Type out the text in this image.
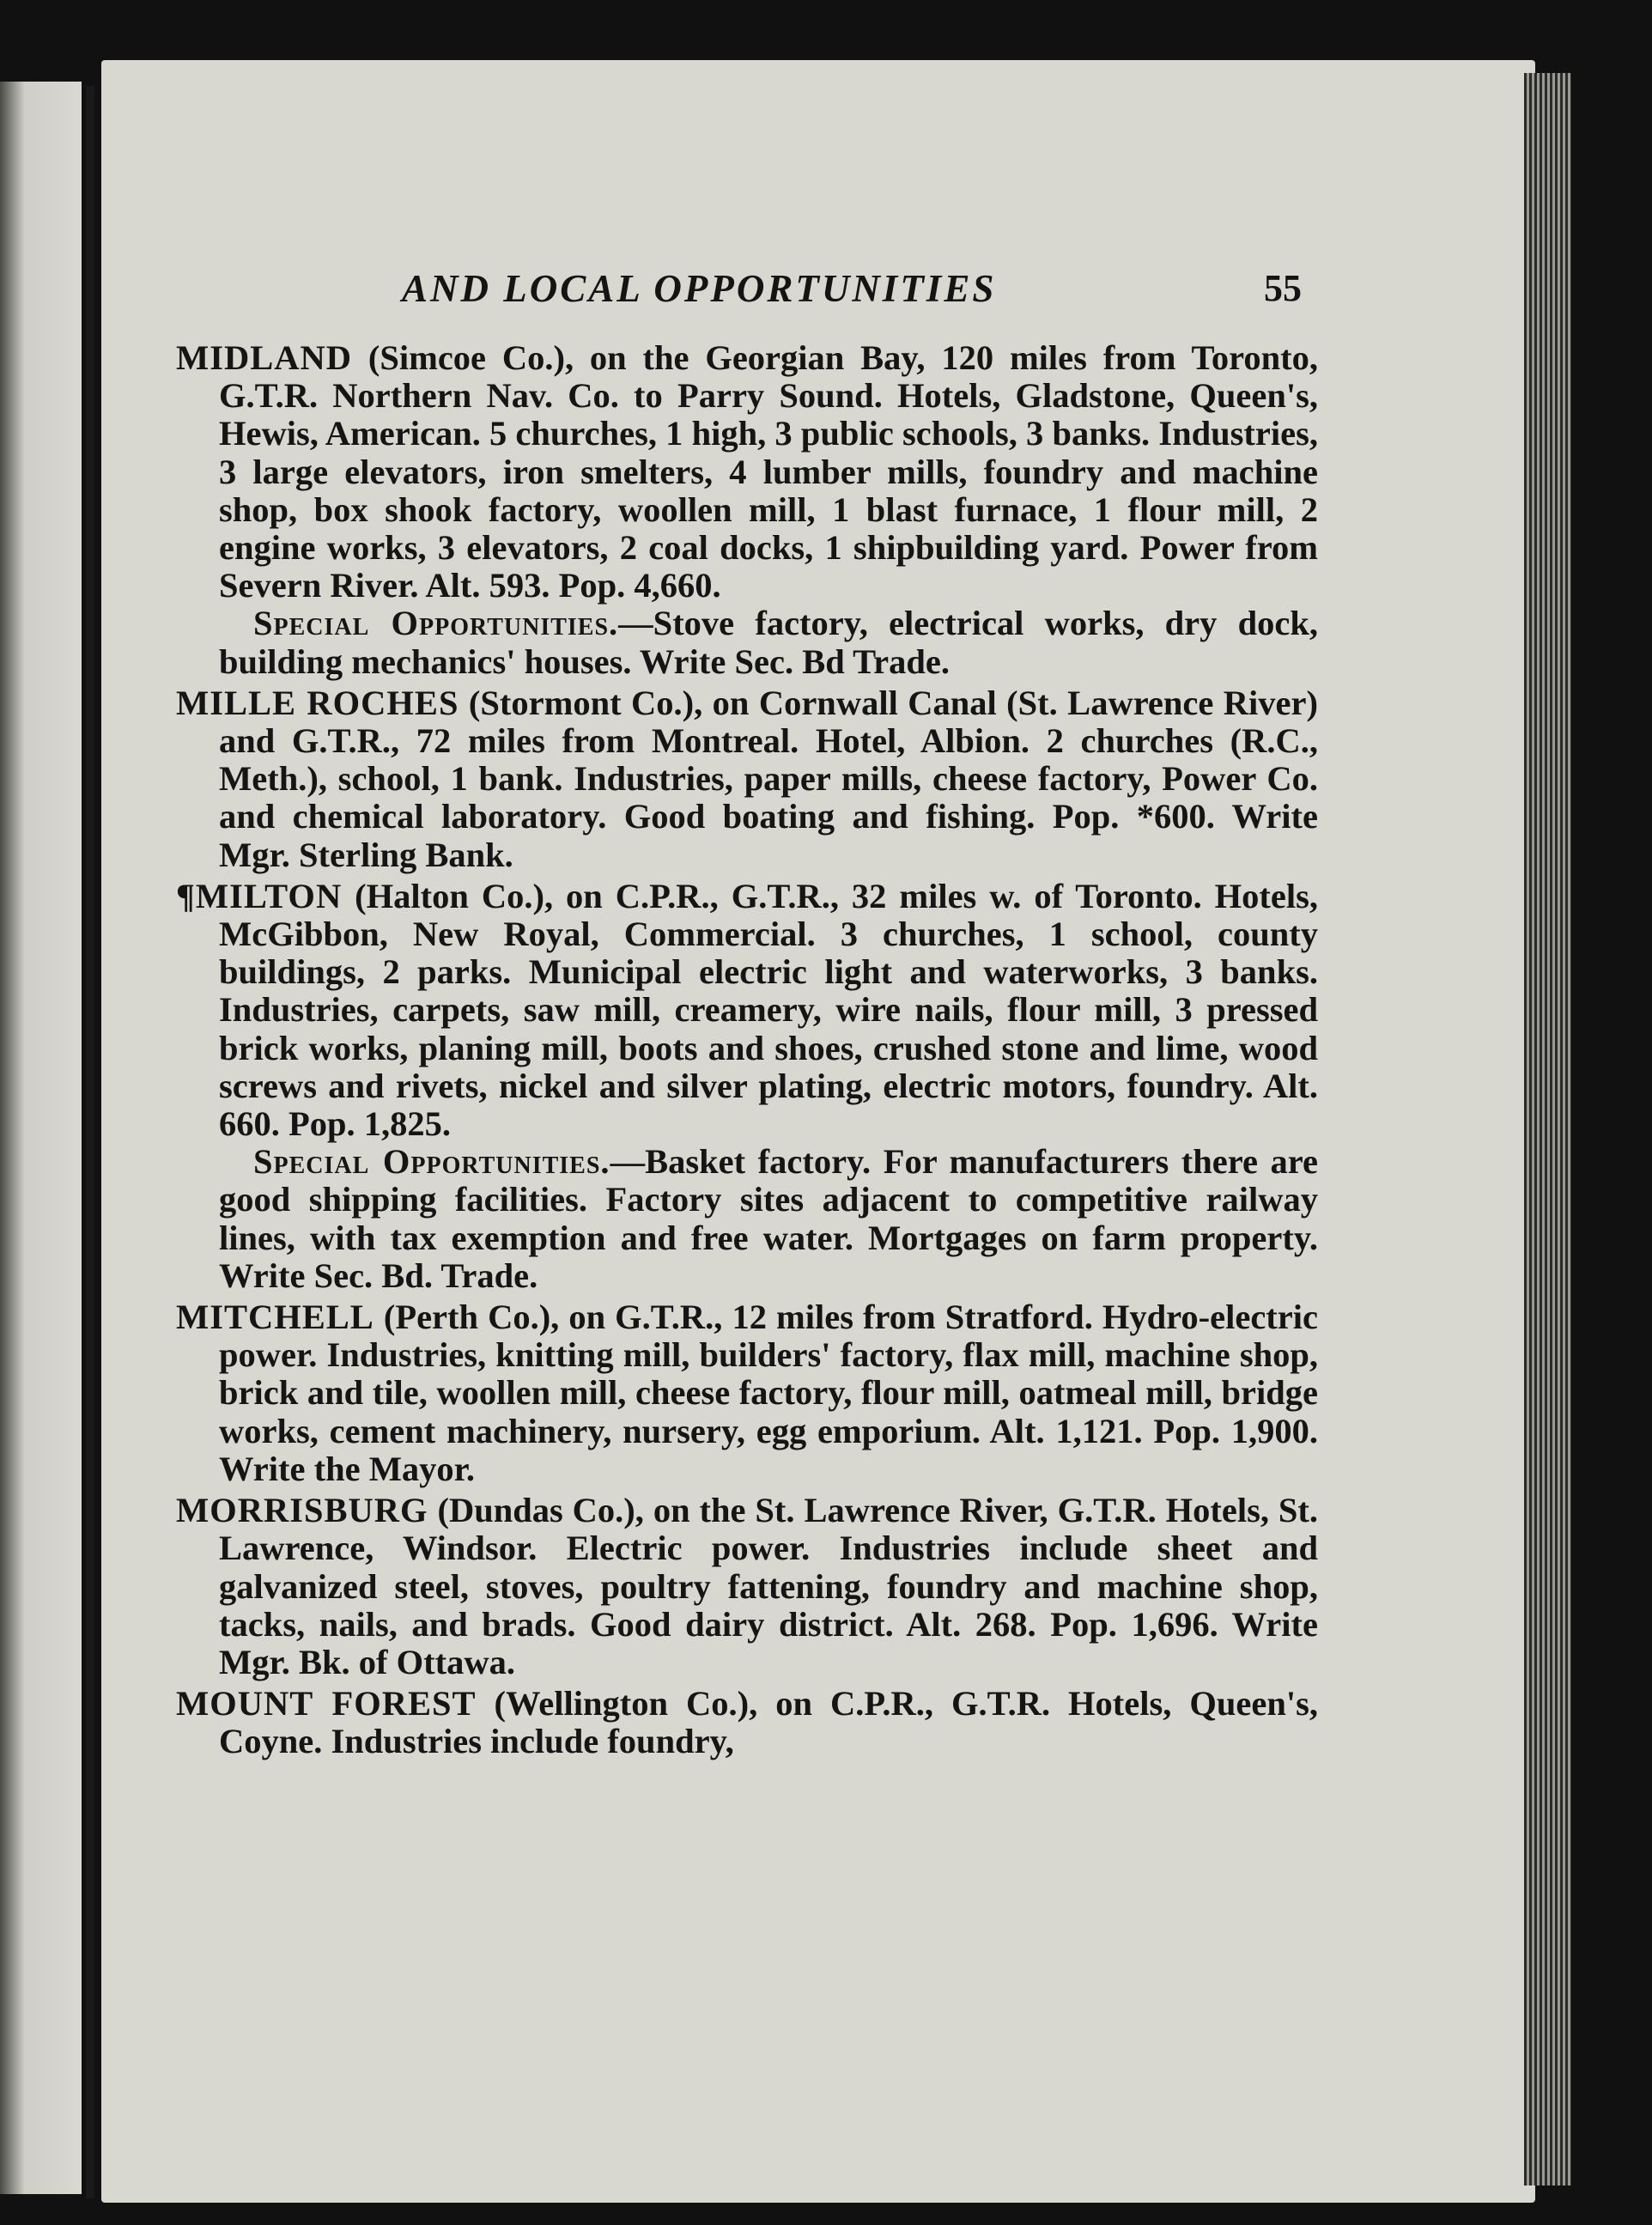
AND LOCAL OPPORTUNITIES	55

MIDLAND (Simcoe Co.), on the Georgian Bay, 120 miles from Toronto, G.T.R. Northern Nav. Co. to Parry Sound. Hotels, Gladstone, Queen's, Hewis, American. 5 churches, 1 high, 3 public schools, 3 banks. Industries, 3 large elevators, iron smelters, 4 lumber mills, foundry and machine shop, box shook factory, woollen mill, 1 blast furnace, 1 flour mill, 2 engine works, 3 elevators, 2 coal docks, 1 shipbuilding yard. Power from Severn River. Alt. 593. Pop. 4,660.

Special Opportunities.—Stove factory, electrical works, dry dock, building mechanics' houses. Write Sec. Bd Trade.

MILLE ROCHES (Stormont Co.), on Cornwall Canal (St. Lawrence River) and G.T.R., 72 miles from Montreal. Hotel, Albion. 2 churches (R.C., Meth.), school, 1 bank. Industries, paper mills, cheese factory, Power Co. and chemical laboratory. Good boating and fishing. Pop. *600. Write Mgr. Sterling Bank.

¶MILTON (Halton Co.), on C.P.R., G.T.R., 32 miles w. of Toronto. Hotels, McGibbon, New Royal, Commercial. 3 churches, 1 school, county buildings, 2 parks. Municipal electric light and waterworks, 3 banks. Industries, carpets, saw mill, creamery, wire nails, flour mill, 3 pressed brick works, planing mill, boots and shoes, crushed stone and lime, wood screws and rivets, nickel and silver plating, electric motors, foundry. Alt. 660. Pop. 1,825.

Special Opportunities.—Basket factory. For manufacturers there are good shipping facilities. Factory sites adjacent to competitive railway lines, with tax exemption and free water. Mortgages on farm property. Write Sec. Bd. Trade.

MITCHELL (Perth Co.), on G.T.R., 12 miles from Stratford. Hydro-electric power. Industries, knitting mill, builders' factory, flax mill, machine shop, brick and tile, woollen mill, cheese factory, flour mill, oatmeal mill, bridge works, cement machinery, nursery, egg emporium. Alt. 1,121. Pop. 1,900. Write the Mayor.

MORRISBURG (Dundas Co.), on the St. Lawrence River, G.T.R. Hotels, St. Lawrence, Windsor. Electric power. Industries include sheet and galvanized steel, stoves, poultry fattening, foundry and machine shop, tacks, nails, and brads. Good dairy district. Alt. 268. Pop. 1,696. Write Mgr. Bk. of Ottawa.

MOUNT FOREST (Wellington Co.), on C.P.R., G.T.R. Hotels, Queen's, Coyne. Industries include foundry,
